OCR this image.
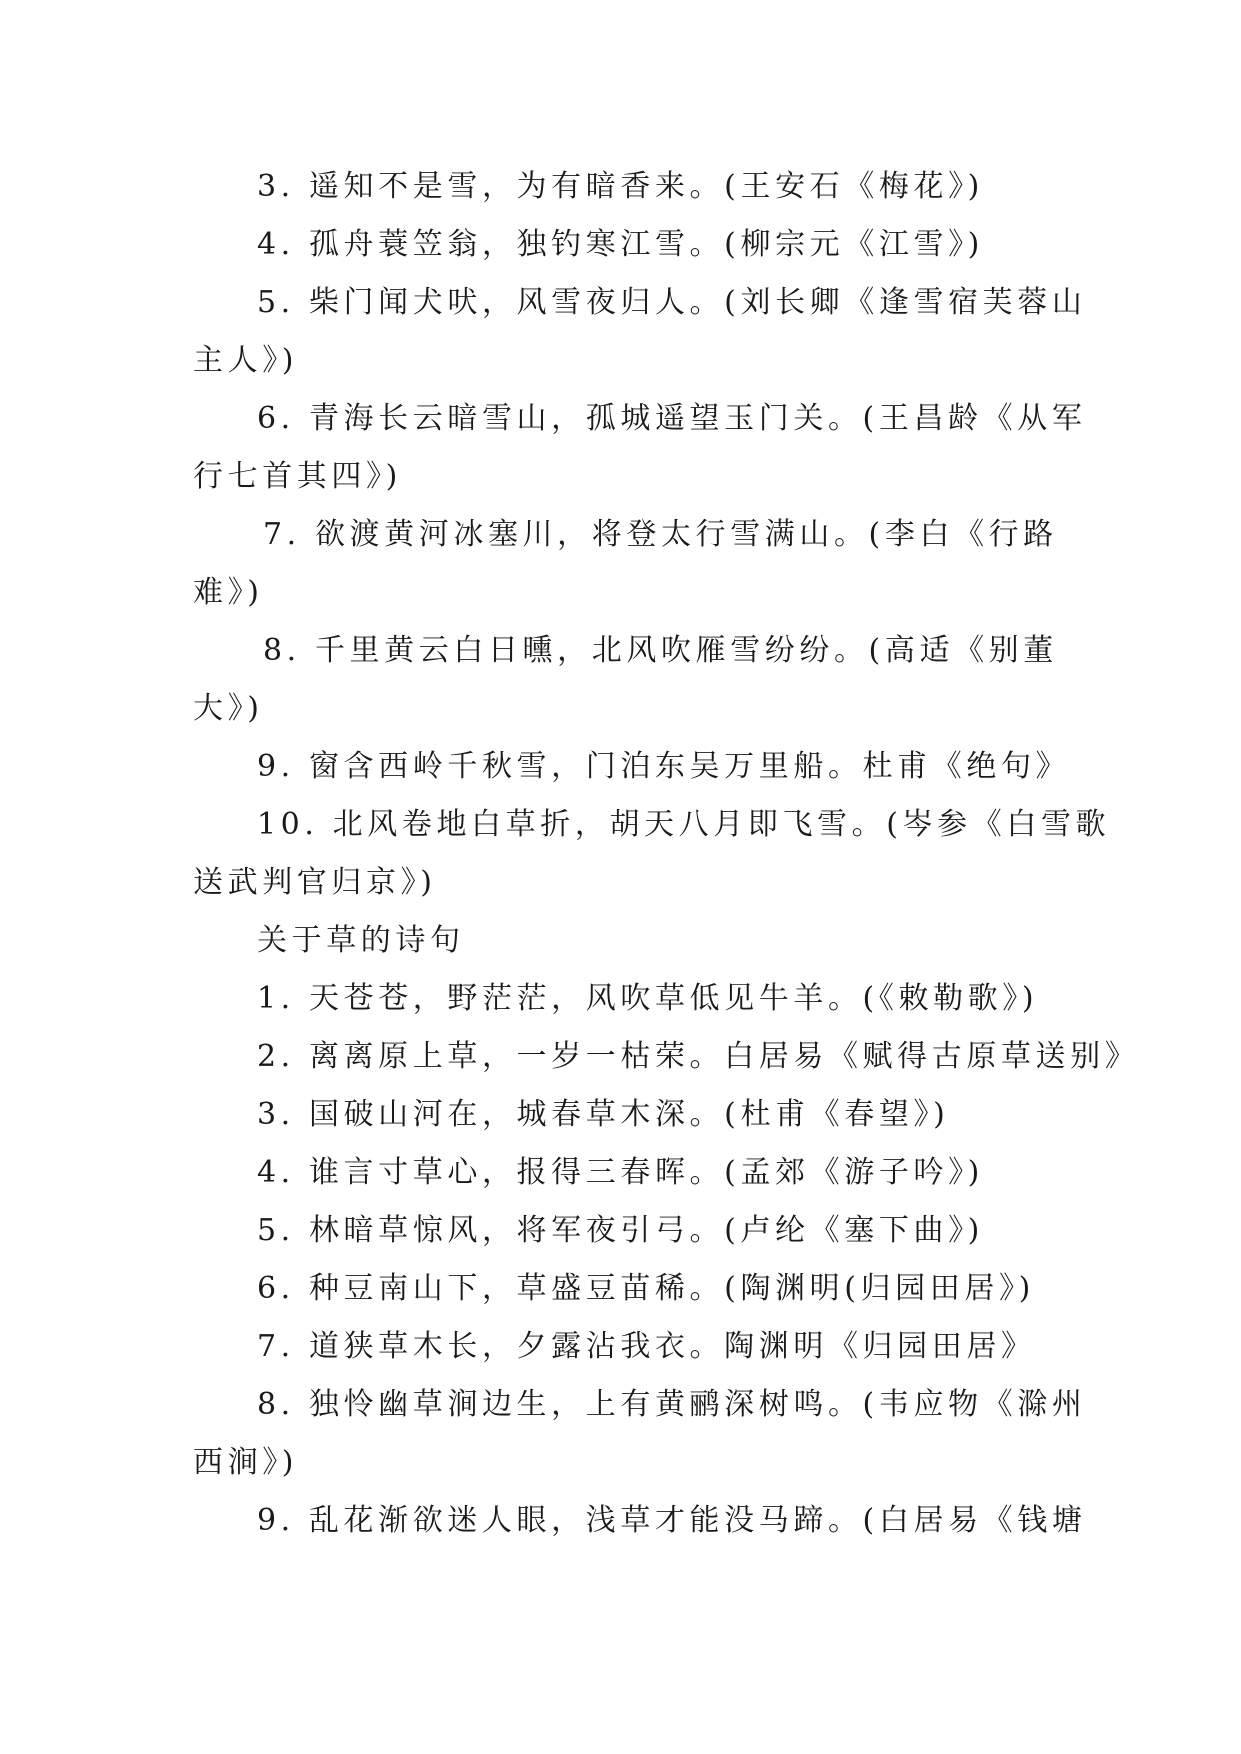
3. 遥知不是雪，为有暗香来。(王安石《梅花》)
4. 孤舟蓑笠翁，独钓寒江雪。(柳宗元《江雪》)
5. 柴门闻犬吠，风雪夜归人。(刘长卿《逢雪宿芙蓉山
主人》)
6. 青海长云暗雪山，孤城遥望玉门关。(王昌龄《从军
行七首其四》)
7. 欲渡黄河冰塞川，将登太行雪满山。(李白《行路
难》)
8. 千里黄云白日曛，北风吹雁雪纷纷。(高适《别董
大》)
9. 窗含西岭千秋雪，门泊东吴万里船。杜甫《绝句》
10. 北风卷地白草折，胡天八月即飞雪。(岑参《白雪歌
送武判官归京》)
关于草的诗句
1. 天苍苍，野茫茫，风吹草低见牛羊。(《敕勒歌》)
2. 离离原上草，一岁一枯荣。白居易《赋得古原草送别》
3. 国破山河在，城春草木深。(杜甫《春望》)
4. 谁言寸草心，报得三春晖。(孟郊《游子吟》)
5. 林暗草惊风，将军夜引弓。(卢纶《塞下曲》)
6. 种豆南山下，草盛豆苗稀。(陶渊明(归园田居》)
7. 道狭草木长，夕露沾我衣。陶渊明《归园田居》
8. 独怜幽草涧边生，上有黄鹂深树鸣。(韦应物《滁州
西涧》)
9. 乱花渐欲迷人眼，浅草才能没马蹄。(白居易《钱塘
